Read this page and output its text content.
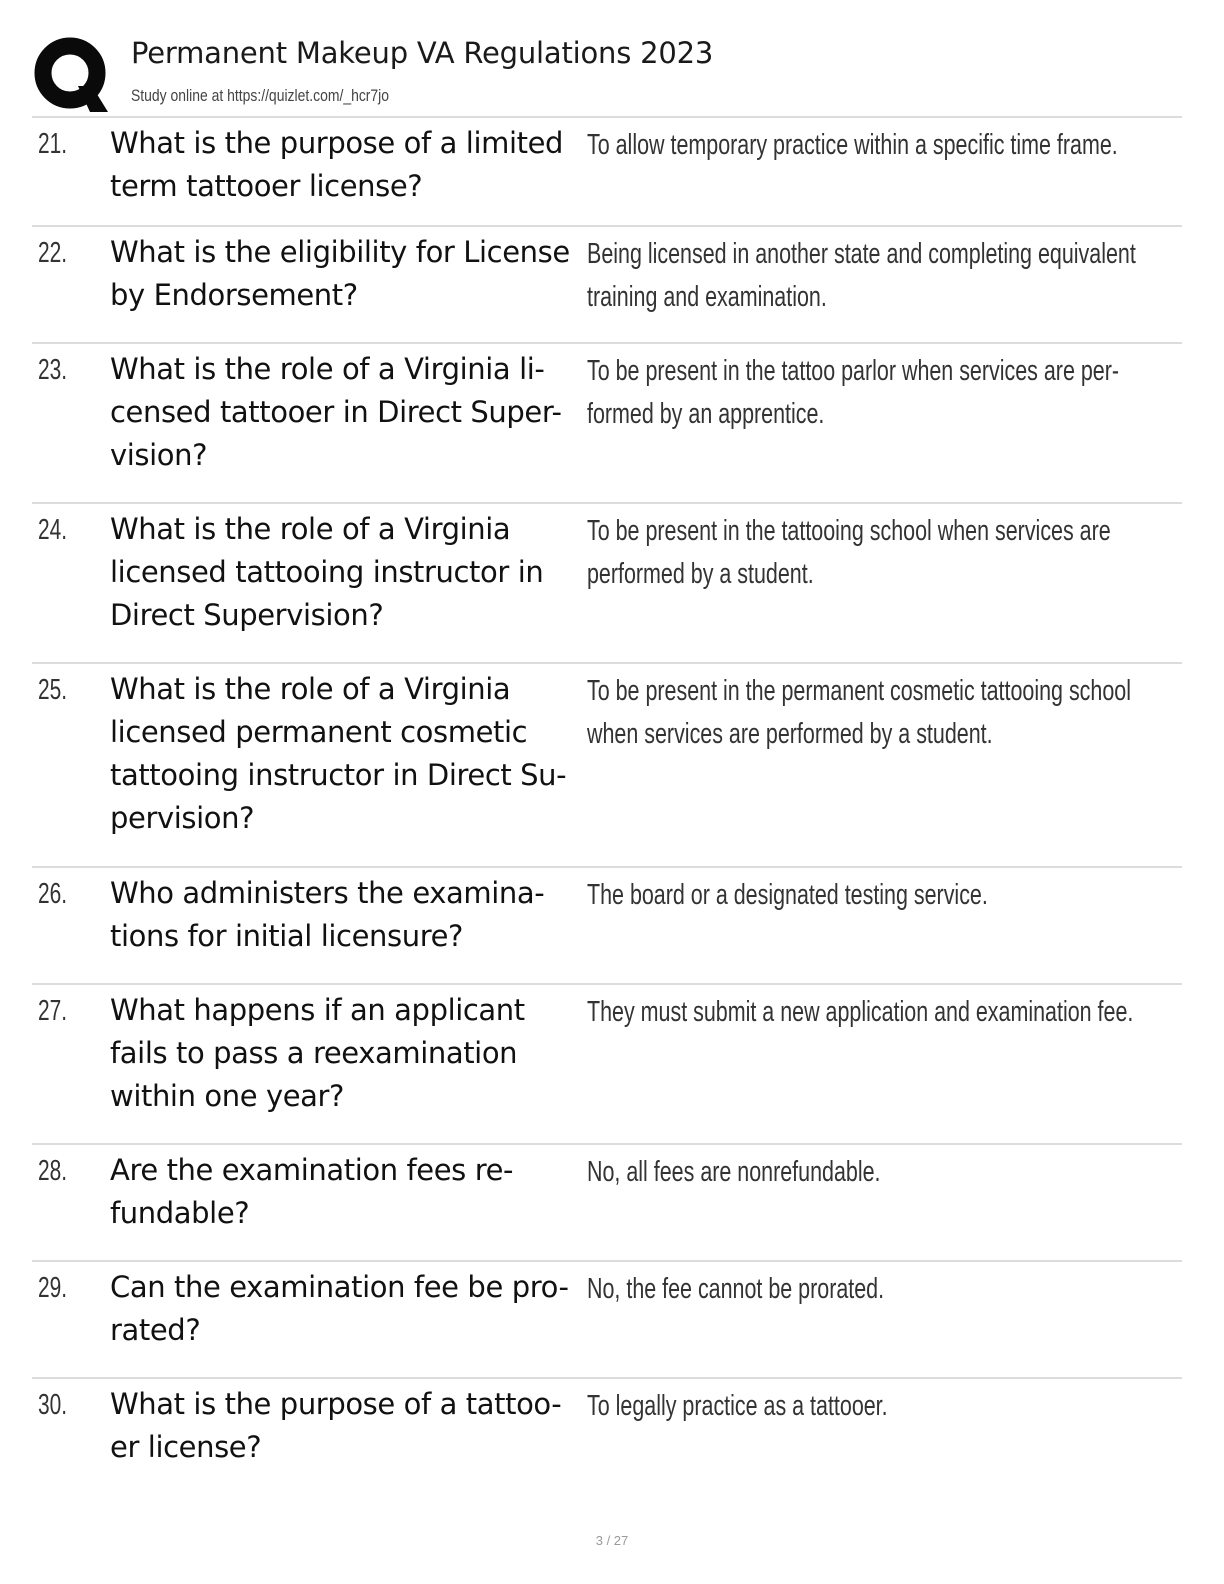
Permanent Makeup VA Regulations 2023
Study online at https://quizlet.com/_hcr7jo
21. What is the purpose of a limited
term tattooer license?
To allow temporary practice within a specific time frame.
22. What is the eligibility for License
by Endorsement?
Being licensed in another state and completing equivalent
training and examination.
23. What is the role of a Virginia li-
censed tattooer in Direct Super-
vision?
To be present in the tattoo parlor when services are per-
formed by an apprentice.
24. What is the role of a Virginia
licensed tattooing instructor in
Direct Supervision?
To be present in the tattooing school when services are
performed by a student.
25. What is the role of a Virginia
licensed permanent cosmetic
tattooing instructor in Direct Su-
pervision?
To be present in the permanent cosmetic tattooing school
when services are performed by a student.
26. Who administers the examina-
tions for initial licensure?
The board or a designated testing service.
27. What happens if an applicant
fails to pass a reexamination
within one year?
They must submit a new application and examination fee.
28. Are the examination fees re-
fundable?
No, all fees are nonrefundable.
29. Can the examination fee be pro-
rated?
No, the fee cannot be prorated.
30. What is the purpose of a tattoo-
er license?
To legally practice as a tattooer.
3 / 27
